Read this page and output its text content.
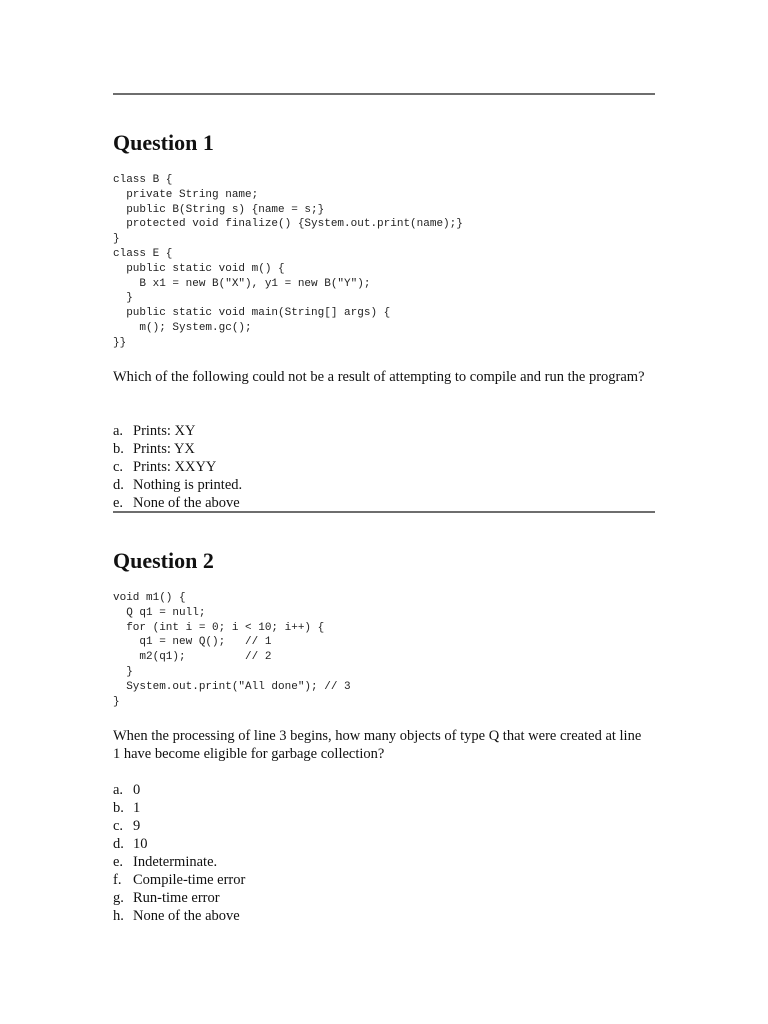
Question 1
class B {
private String name;
public B(String s) {name = s;}
protected void finalize() {System.out.print(name);}
}
class E {
public static void m() {
B x1 = new B("X"), y1 = new B("Y");
}
public static void main(String[] args) {
m(); System.gc();
}}

Which of the following could not be a result of attempting to compile and run the program?

a. Prints: XY
b. Prints: YX
c. Prints: XXYY
d. Nothing is printed.
e. None of the above
Question 2
void m1() {
Q q1 = null;
for (int i = 0; i < 10; i++) {
q1 = new Q();   // 1
m2(q1);         // 2
}
System.out.print("All done"); // 3
}

When the processing of line 3 begins, how many objects of type Q that were created at line 1 have become eligible for garbage collection?

a. 0
b. 1
c. 9
d. 10
e. Indeterminate.
f. Compile-time error
g. Run-time error
h. None of the above
